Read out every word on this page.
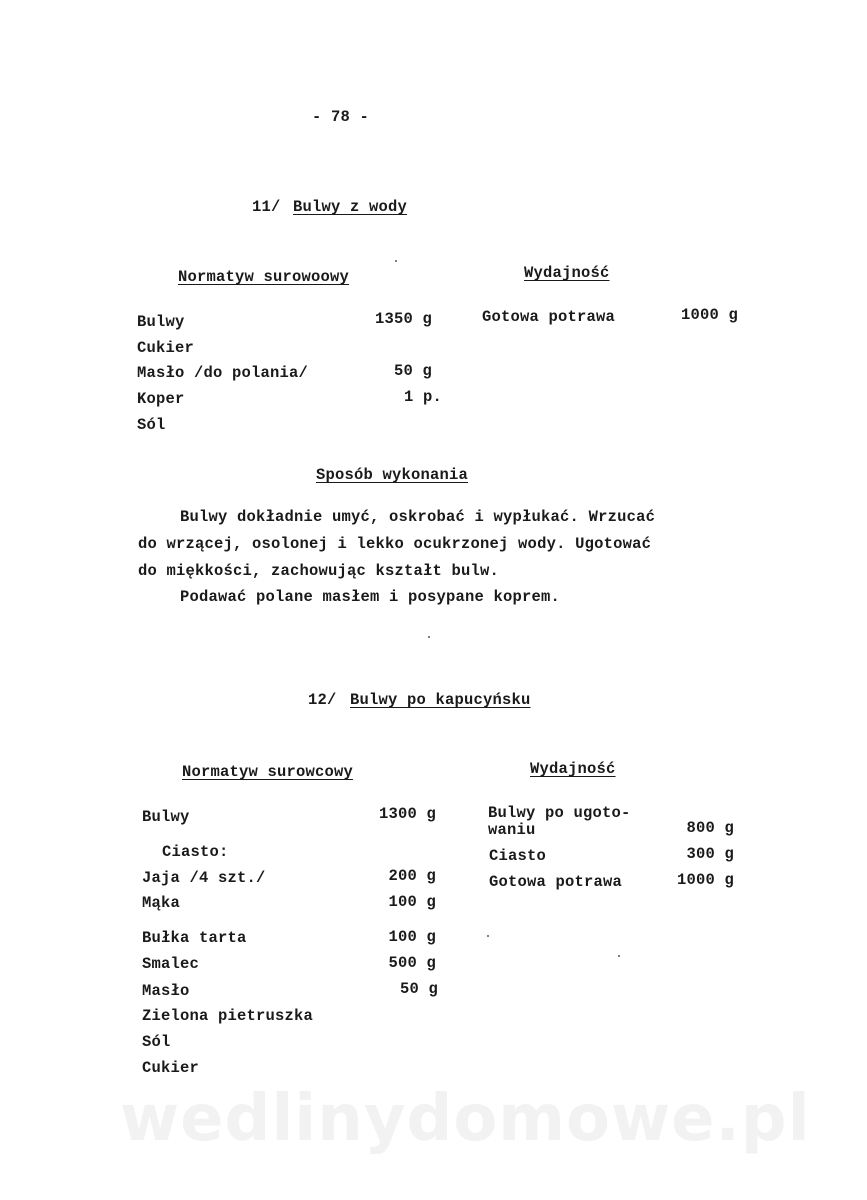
- 78 -
11/ Bulwy z wody
Normatyw surowoowy	Wydajność
Bulwy	1350 g
Cukier
Masło /do polania/	50 g
Koper	1 p.
Sól
Gotowa potrawa	1000 g
Sposób wykonania
Bulwy dokładnie umyć, oskrobać i wypłukać. Wrzucać
do wrzącej, osolonej i lekko ocukrzonej wody. Ugotować
do miękkości, zachowując kształt bulw.
Podawać polane masłem i posypane koprem.
12/ Bulwy po kapucyńsku
Normatyw surowcowy	Wydajność
Bulwy	1300 g
Ciasto:
Jaja /4 szt./	200 g
Mąka	100 g
Bułka tarta	100 g
Smalec	500 g
Masło	50 g
Zielona pietruszka
Sól
Cukier
Bulwy po ugoto-
waniu	800 g
Ciasto	300 g
Gotowa potrawa	1000 g
wedlinydomowe.pl
